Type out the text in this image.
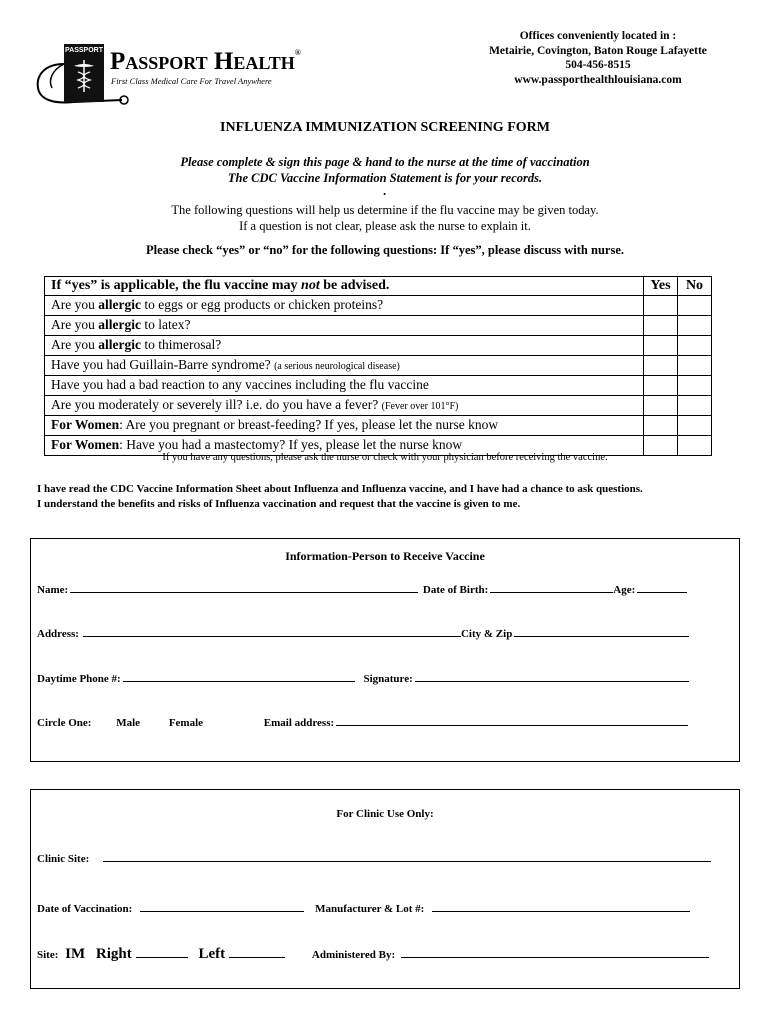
PASSPORT Passport Health®
First Class Medical Care For Travel Anywhere
Offices conveniently located in :
Metairie, Covington, Baton Rouge Lafayette
504-456-8515
www.passporthealthlouisiana.com
INFLUENZA IMMUNIZATION SCREENING FORM
Please complete & sign this page & hand to the nurse at the time of vaccination
The CDC Vaccine Information Statement is for your records.
.
The following questions will help us determine if the flu vaccine may be given today.
If a question is not clear, please ask the nurse to explain it.
Please check “yes” or “no” for the following questions: If “yes”, please discuss with nurse.
If “yes” is applicable, the flu vaccine may not be advised.	Yes	No
Are you allergic to eggs or egg products or chicken proteins?		
Are you allergic to latex?		
Are you allergic to thimerosal?		
Have you had Guillain-Barre syndrome? (a serious neurological disease)		
Have you had a bad reaction to any vaccines including the flu vaccine		
Are you moderately or severely ill? i.e. do you have a fever? (Fever over 101°F)		
For Women: Are you pregnant or breast-feeding? If yes, please let the nurse know		
For Women: Have you had a mastectomy? If yes, please let the nurse know		
If you have any questions, please ask the nurse or check with your physician before receiving the vaccine.
I have read the CDC Vaccine Information Sheet about Influenza and Influenza vaccine, and I have had a chance to ask questions.
I understand the benefits and risks of Influenza vaccination and request that the vaccine is given to me.
Information-Person to Receive Vaccine
Name:	Date of Birth:	Age:
Address:	City & Zip
Daytime Phone #:	Signature:
Circle One: Male	Female	Email address:
For Clinic Use Only:
Clinic Site:
Date of Vaccination:	Manufacturer & Lot #:
Site: IM Right	Left	Administered By:
